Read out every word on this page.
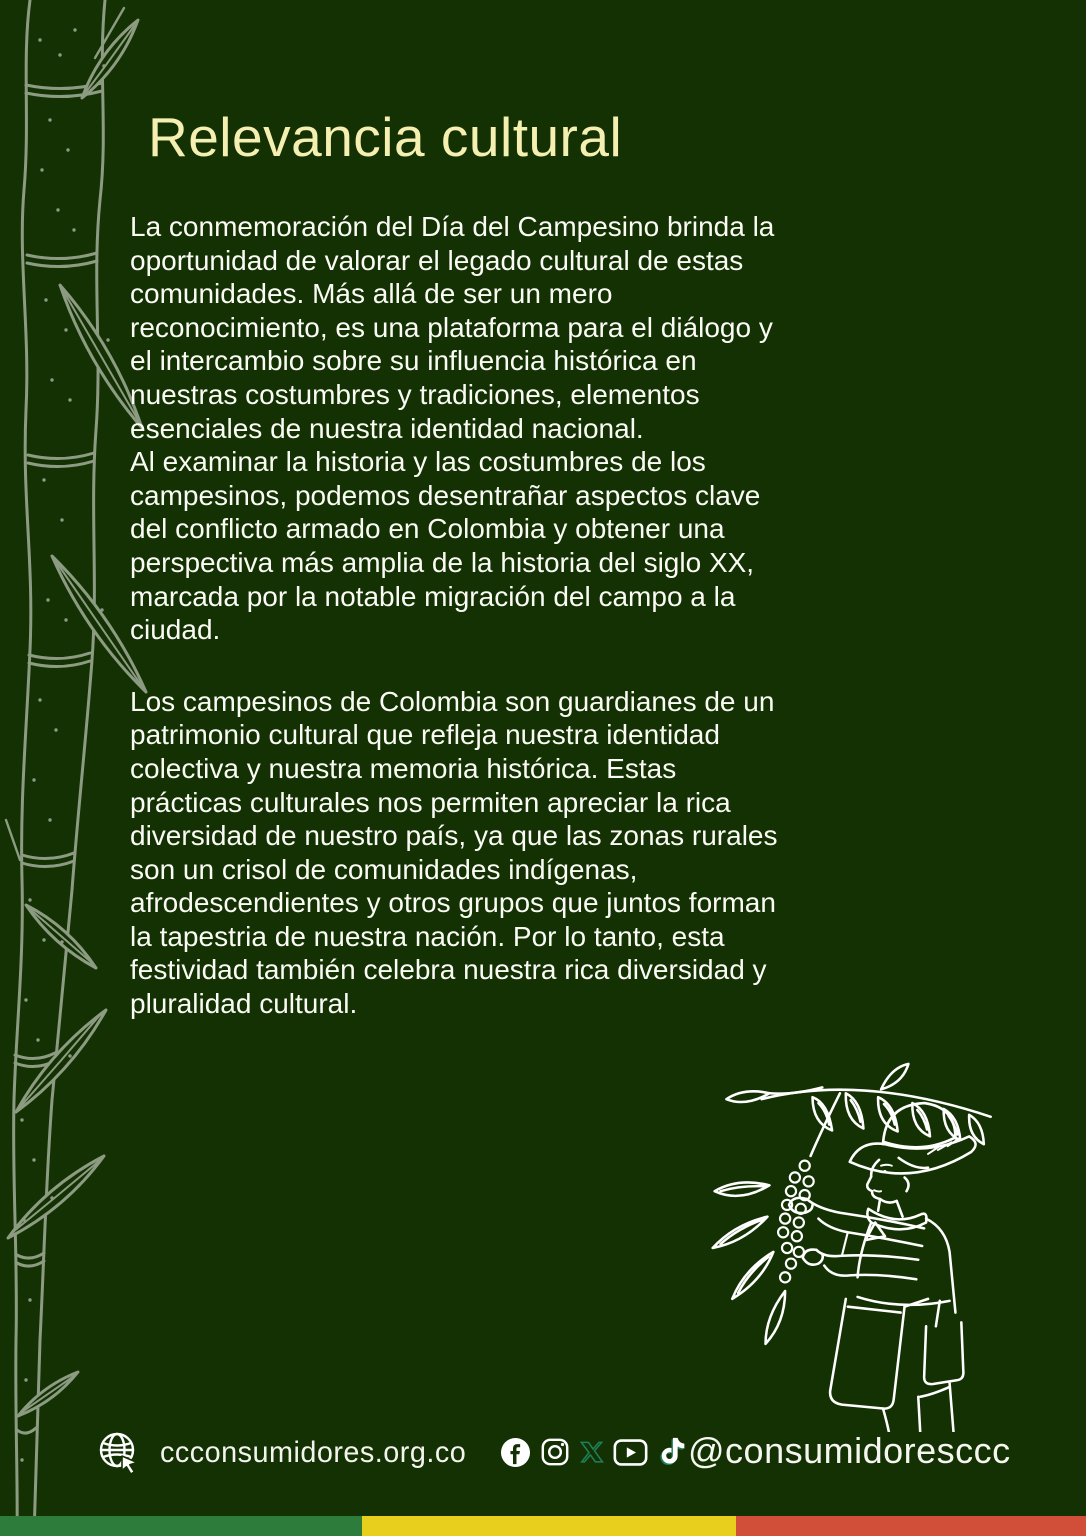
Relevancia cultural
La conmemoración del Día del Campesino brinda la
oportunidad de valorar el legado cultural de estas
comunidades. Más allá de ser un mero
reconocimiento, es una plataforma para el diálogo y
el intercambio sobre su influencia histórica en
nuestras costumbres y tradiciones, elementos
esenciales de nuestra identidad nacional.
Al examinar la historia y las costumbres de los
campesinos, podemos desentrañar aspectos clave
del conflicto armado en Colombia y obtener una
perspectiva más amplia de la historia del siglo XX,
marcada por la notable migración del campo a la
ciudad.
Los campesinos de Colombia son guardianes de un
patrimonio cultural que refleja nuestra identidad
colectiva y nuestra memoria histórica. Estas
prácticas culturales nos permiten apreciar la rica
diversidad de nuestro país, ya que las zonas rurales
son un crisol de comunidades indígenas,
afrodescendientes y otros grupos que juntos forman
la tapestria de nuestra nación. Por lo tanto, esta
festividad también celebra nuestra rica diversidad y
pluralidad cultural.
ccconsumidores.org.co	@consumidoresccc
